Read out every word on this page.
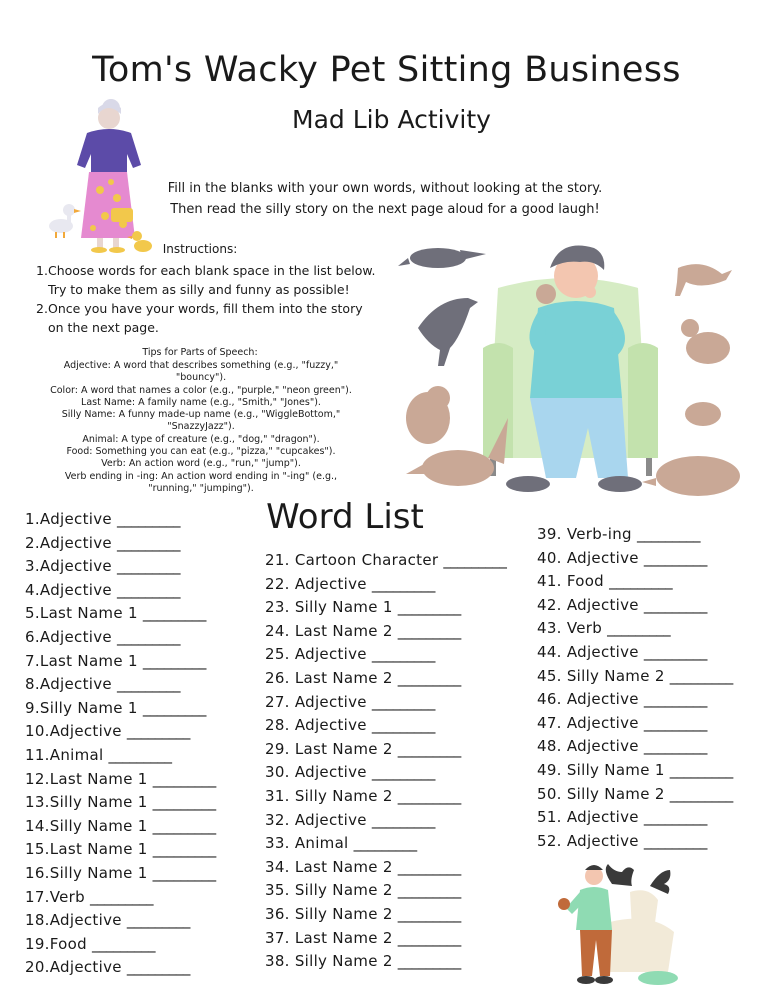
Tom's Wacky Pet Sitting Business
Mad Lib Activity
Fill in the blanks with your own words, without looking at the story.
Then read the silly story on the next page aloud for a good laugh!
Instructions:
1. Choose words for each blank space in the list below. Try to make them as silly and funny as possible!
2. Once you have your words, fill them into the story on the next page.
Tips for Parts of Speech:
Adjective: A word that describes something (e.g., "fuzzy," "bouncy").
Color: A word that names a color (e.g., "purple," "neon green").
Last Name: A family name (e.g., "Smith," "Jones").
Silly Name: A funny made-up name (e.g., "WiggleBottom," "SnazzyJazz").
Animal: A type of creature (e.g., "dog," "dragon").
Food: Something you can eat (e.g., "pizza," "cupcakes").
Verb: An action word (e.g., "run," "jump").
Verb ending in -ing: An action word ending in "-ing" (e.g., "running," "jumping").
Word List
1.Adjective _________
2.Adjective _________
3.Adjective _________
4.Adjective _________
5.Last Name 1 _________
6.Adjective _________
7.Last Name 1 _________
8.Adjective _________
9.Silly Name 1 _________
10.Adjective _________
11.Animal _________
12.Last Name 1 _________
13.Silly Name 1 _________
14.Silly Name 1 _________
15.Last Name 1 _________
16.Silly Name 1 _________
17.Verb _________
18.Adjective _________
19.Food _________
20.Adjective _________
21. Cartoon Character _________
22. Adjective _________
23. Silly Name 1 _________
24. Last Name 2 _________
25. Adjective _________
26. Last Name 2 _________
27. Adjective _________
28. Adjective _________
29. Last Name 2 _________
30. Adjective _________
31. Silly Name 2 _________
32. Adjective _________
33. Animal _________
34. Last Name 2 _________
35. Silly Name 2 _________
36. Silly Name 2 _________
37. Last Name 2 _________
38. Silly Name 2 _________
39. Verb-ing _________
40. Adjective _________
41. Food _________
42. Adjective _________
43. Verb _________
44. Adjective _________
45. Silly Name 2 _________
46. Adjective _________
47. Adjective _________
48. Adjective _________
49. Silly Name 1 _________
50. Silly Name 2 _________
51. Adjective _________
52. Adjective _________
